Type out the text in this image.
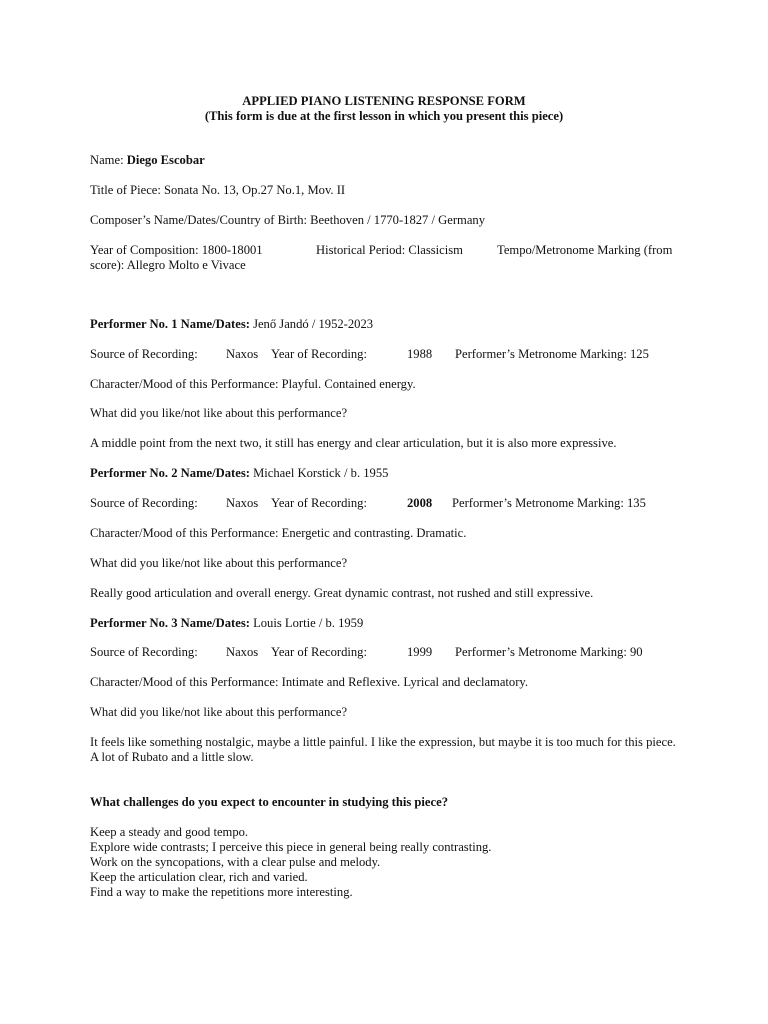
APPLIED PIANO LISTENING RESPONSE FORM
(This form is due at the first lesson in which you present this piece)
Name: Diego Escobar
Title of Piece: Sonata No. 13, Op.27 No.1, Mov. II
Composer’s Name/Dates/Country of Birth: Beethoven / 1770-1827 / Germany
Year of Composition: 1800-18001	Historical Period: Classicism	Tempo/Metronome Marking (from
score): Allegro Molto e Vivace
Performer No. 1 Name/Dates: Jenő Jandó / 1952-2023
Source of Recording: Naxos Year of Recording:	1988 Performer’s Metronome Marking: 125
Character/Mood of this Performance: Playful. Contained energy.
What did you like/not like about this performance?
A middle point from the next two, it still has energy and clear articulation, but it is also more expressive.
Performer No. 2 Name/Dates: Michael Korstick / b. 1955
Source of Recording: Naxos Year of Recording:	2008 Performer’s Metronome Marking: 135
Character/Mood of this Performance: Energetic and contrasting. Dramatic.
What did you like/not like about this performance?
Really good articulation and overall energy. Great dynamic contrast, not rushed and still expressive.
Performer No. 3 Name/Dates: Louis Lortie / b. 1959
Source of Recording: Naxos Year of Recording:	1999 Performer’s Metronome Marking: 90
Character/Mood of this Performance: Intimate and Reflexive. Lyrical and declamatory.
What did you like/not like about this performance?
It feels like something nostalgic, maybe a little painful. I like the expression, but maybe it is too much for this piece.
A lot of Rubato and a little slow.
What challenges do you expect to encounter in studying this piece?
Keep a steady and good tempo.
Explore wide contrasts; I perceive this piece in general being really contrasting.
Work on the syncopations, with a clear pulse and melody.
Keep the articulation clear, rich and varied.
Find a way to make the repetitions more interesting.
